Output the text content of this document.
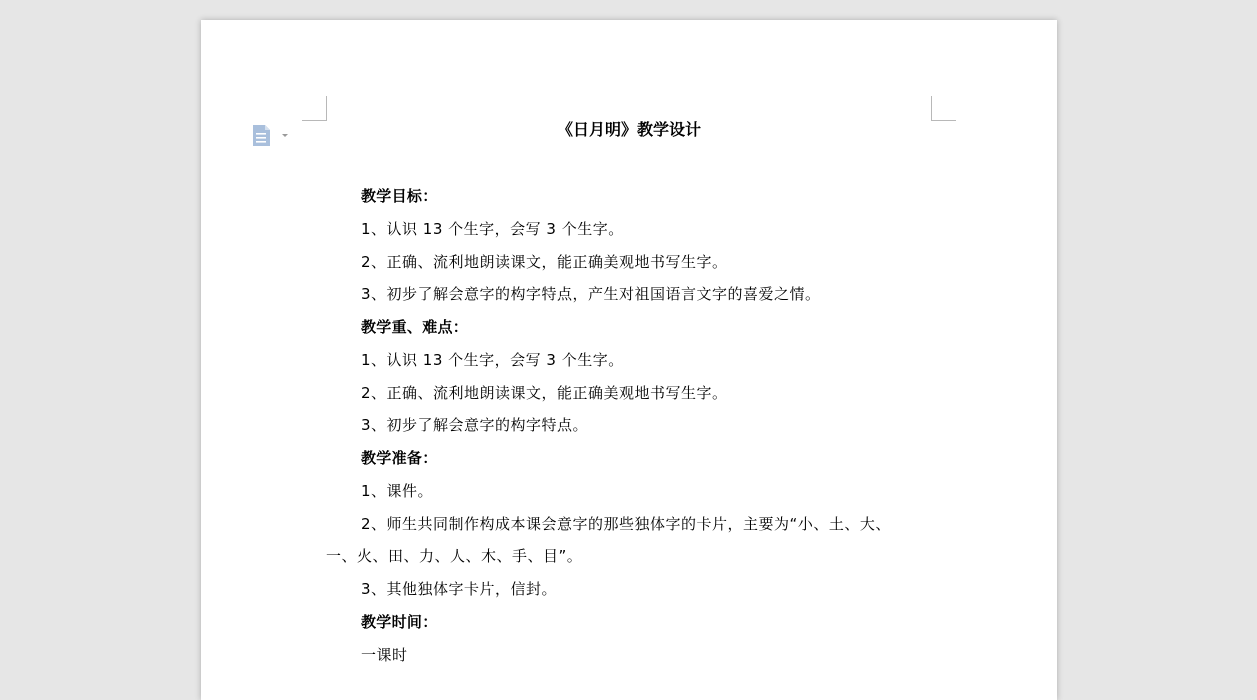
《日月明》教学设计
教学目标：
1、认识 13 个生字，会写 3 个生字。
2、正确、流利地朗读课文，能正确美观地书写生字。
3、初步了解会意字的构字特点，产生对祖国语言文字的喜爱之情。
教学重、难点：
1、认识 13 个生字，会写 3 个生字。
2、正确、流利地朗读课文，能正确美观地书写生字。
3、初步了解会意字的构字特点。
教学准备：
1、课件。
2、师生共同制作构成本课会意字的那些独体字的卡片，主要为“小、土、大、
一、火、田、力、人、木、手、目”。
3、其他独体字卡片，信封。
教学时间：
一课时
